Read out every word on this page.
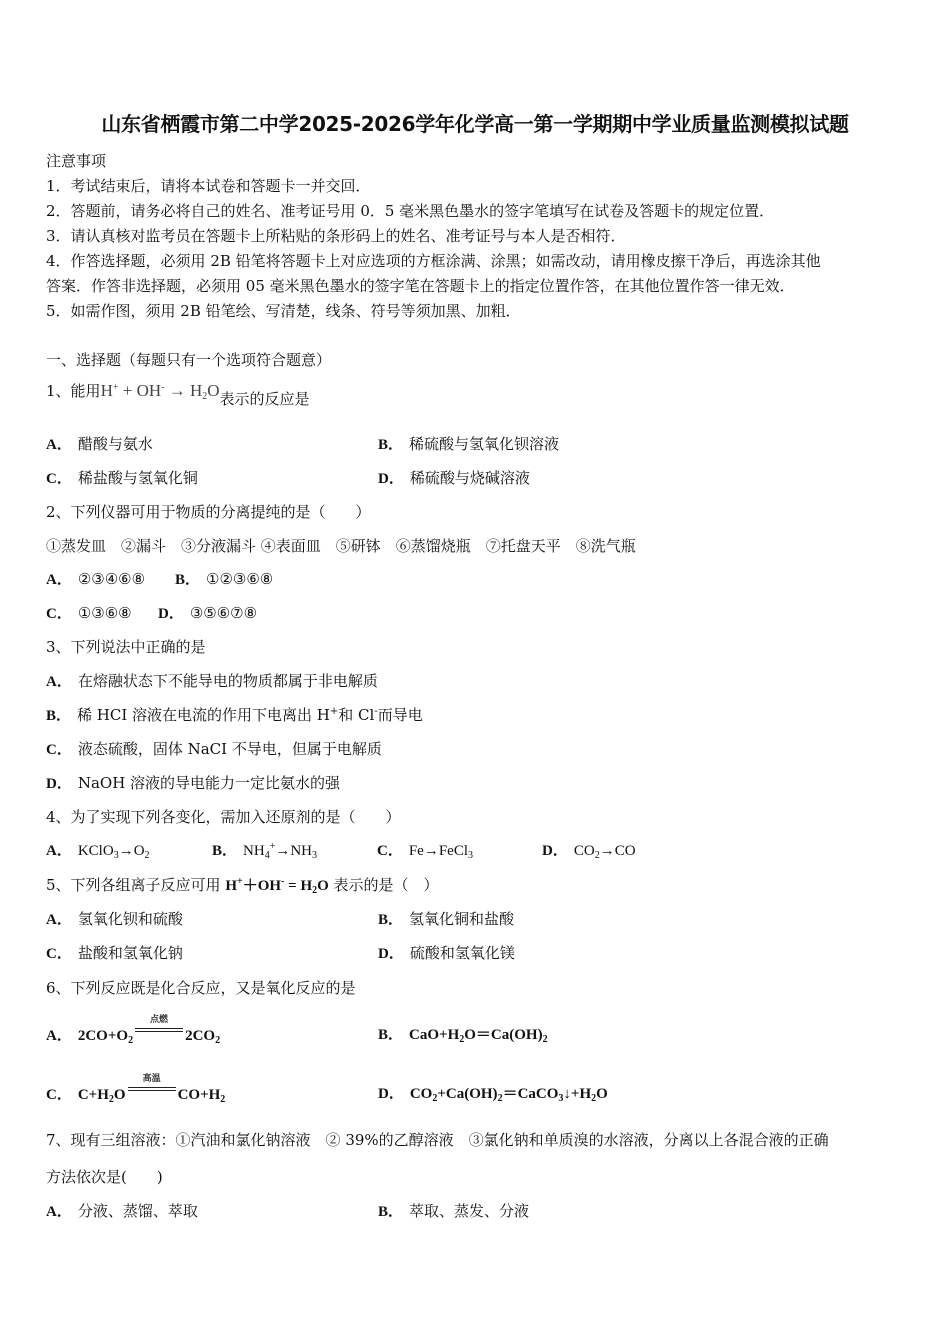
山东省栖霞市第二中学2025-2026学年化学高一第一学期期中学业质量监测模拟试题
注意事项
1．考试结束后，请将本试卷和答题卡一并交回．
2．答题前，请务必将自己的姓名、准考证号用 0．5 毫米黑色墨水的签字笔填写在试卷及答题卡的规定位置．
3．请认真核对监考员在答题卡上所粘贴的条形码上的姓名、准考证号与本人是否相符．
4．作答选择题，必须用 2B 铅笔将答题卡上对应选项的方框涂满、涂黑；如需改动，请用橡皮擦干净后，再选涂其他
答案．作答非选择题，必须用 05 毫米黑色墨水的签字笔在答题卡上的指定位置作答，在其他位置作答一律无效．
5．如需作图，须用 2B 铅笔绘、写清楚，线条、符号等须加黑、加粗．
一、选择题（每题只有一个选项符合题意）
1、能用$H^+ + OH^- \to H_2O$表示的反应是
A． 醋酸与氨水	B． 稀硫酸与氢氧化钡溶液
C． 稀盐酸与氢氧化铜	D． 稀硫酸与烧碱溶液
2、下列仪器可用于物质的分离提纯的是（　　）
①蒸发皿　②漏斗　③分液漏斗 ④表面皿　⑤研钵　⑥蒸馏烧瓶　⑦托盘天平　⑧洗气瓶
A． ②③④⑥⑧ B． ①②③⑥⑧
C． ①③⑥⑧ D． ③⑤⑥⑦⑧
3、下列说法中正确的是
A． 在熔融状态下不能导电的物质都属于非电解质
B． 稀 HCI 溶液在电流的作用下电离出 H+和 Cl-而导电
C． 液态硫酸，固体 NaCI 不导电，但属于电解质
D． NaOH 溶液的导电能力一定比氨水的强
4、为了实现下列各变化，需加入还原剂的是（　　）
A． $KClO_3\to O_2$	B． $NH_4^+\to NH_3$	C． Fe→FeCl$_3$	D． $CO_2\to CO$
5、下列各组离子反应可用 $H^++OH^- = H_2O$ 表示的是（　）
A． 氢氧化钡和硫酸	B． 氢氧化铜和盐酸
C． 盐酸和氢氧化钠	D． 硫酸和氢氧化镁
6、下列反应既是化合反应，又是氧化反应的是
A． $2CO+O_2$
点燃
$2CO_2$	B． $CaO+H_2O=Ca(OH)_2$
C． $C+H_2O$
高温
$CO+H_2$	D． $CO_2+Ca(OH)_2=CaCO_3↓+H_2O$
7、现有三组溶液：①汽油和氯化钠溶液　② 39%的乙醇溶液　③氯化钠和单质溴的水溶液，分离以上各混合液的正确
方法依次是(　　)
A． 分液、蒸馏、萃取	B． 萃取、蒸发、分液
